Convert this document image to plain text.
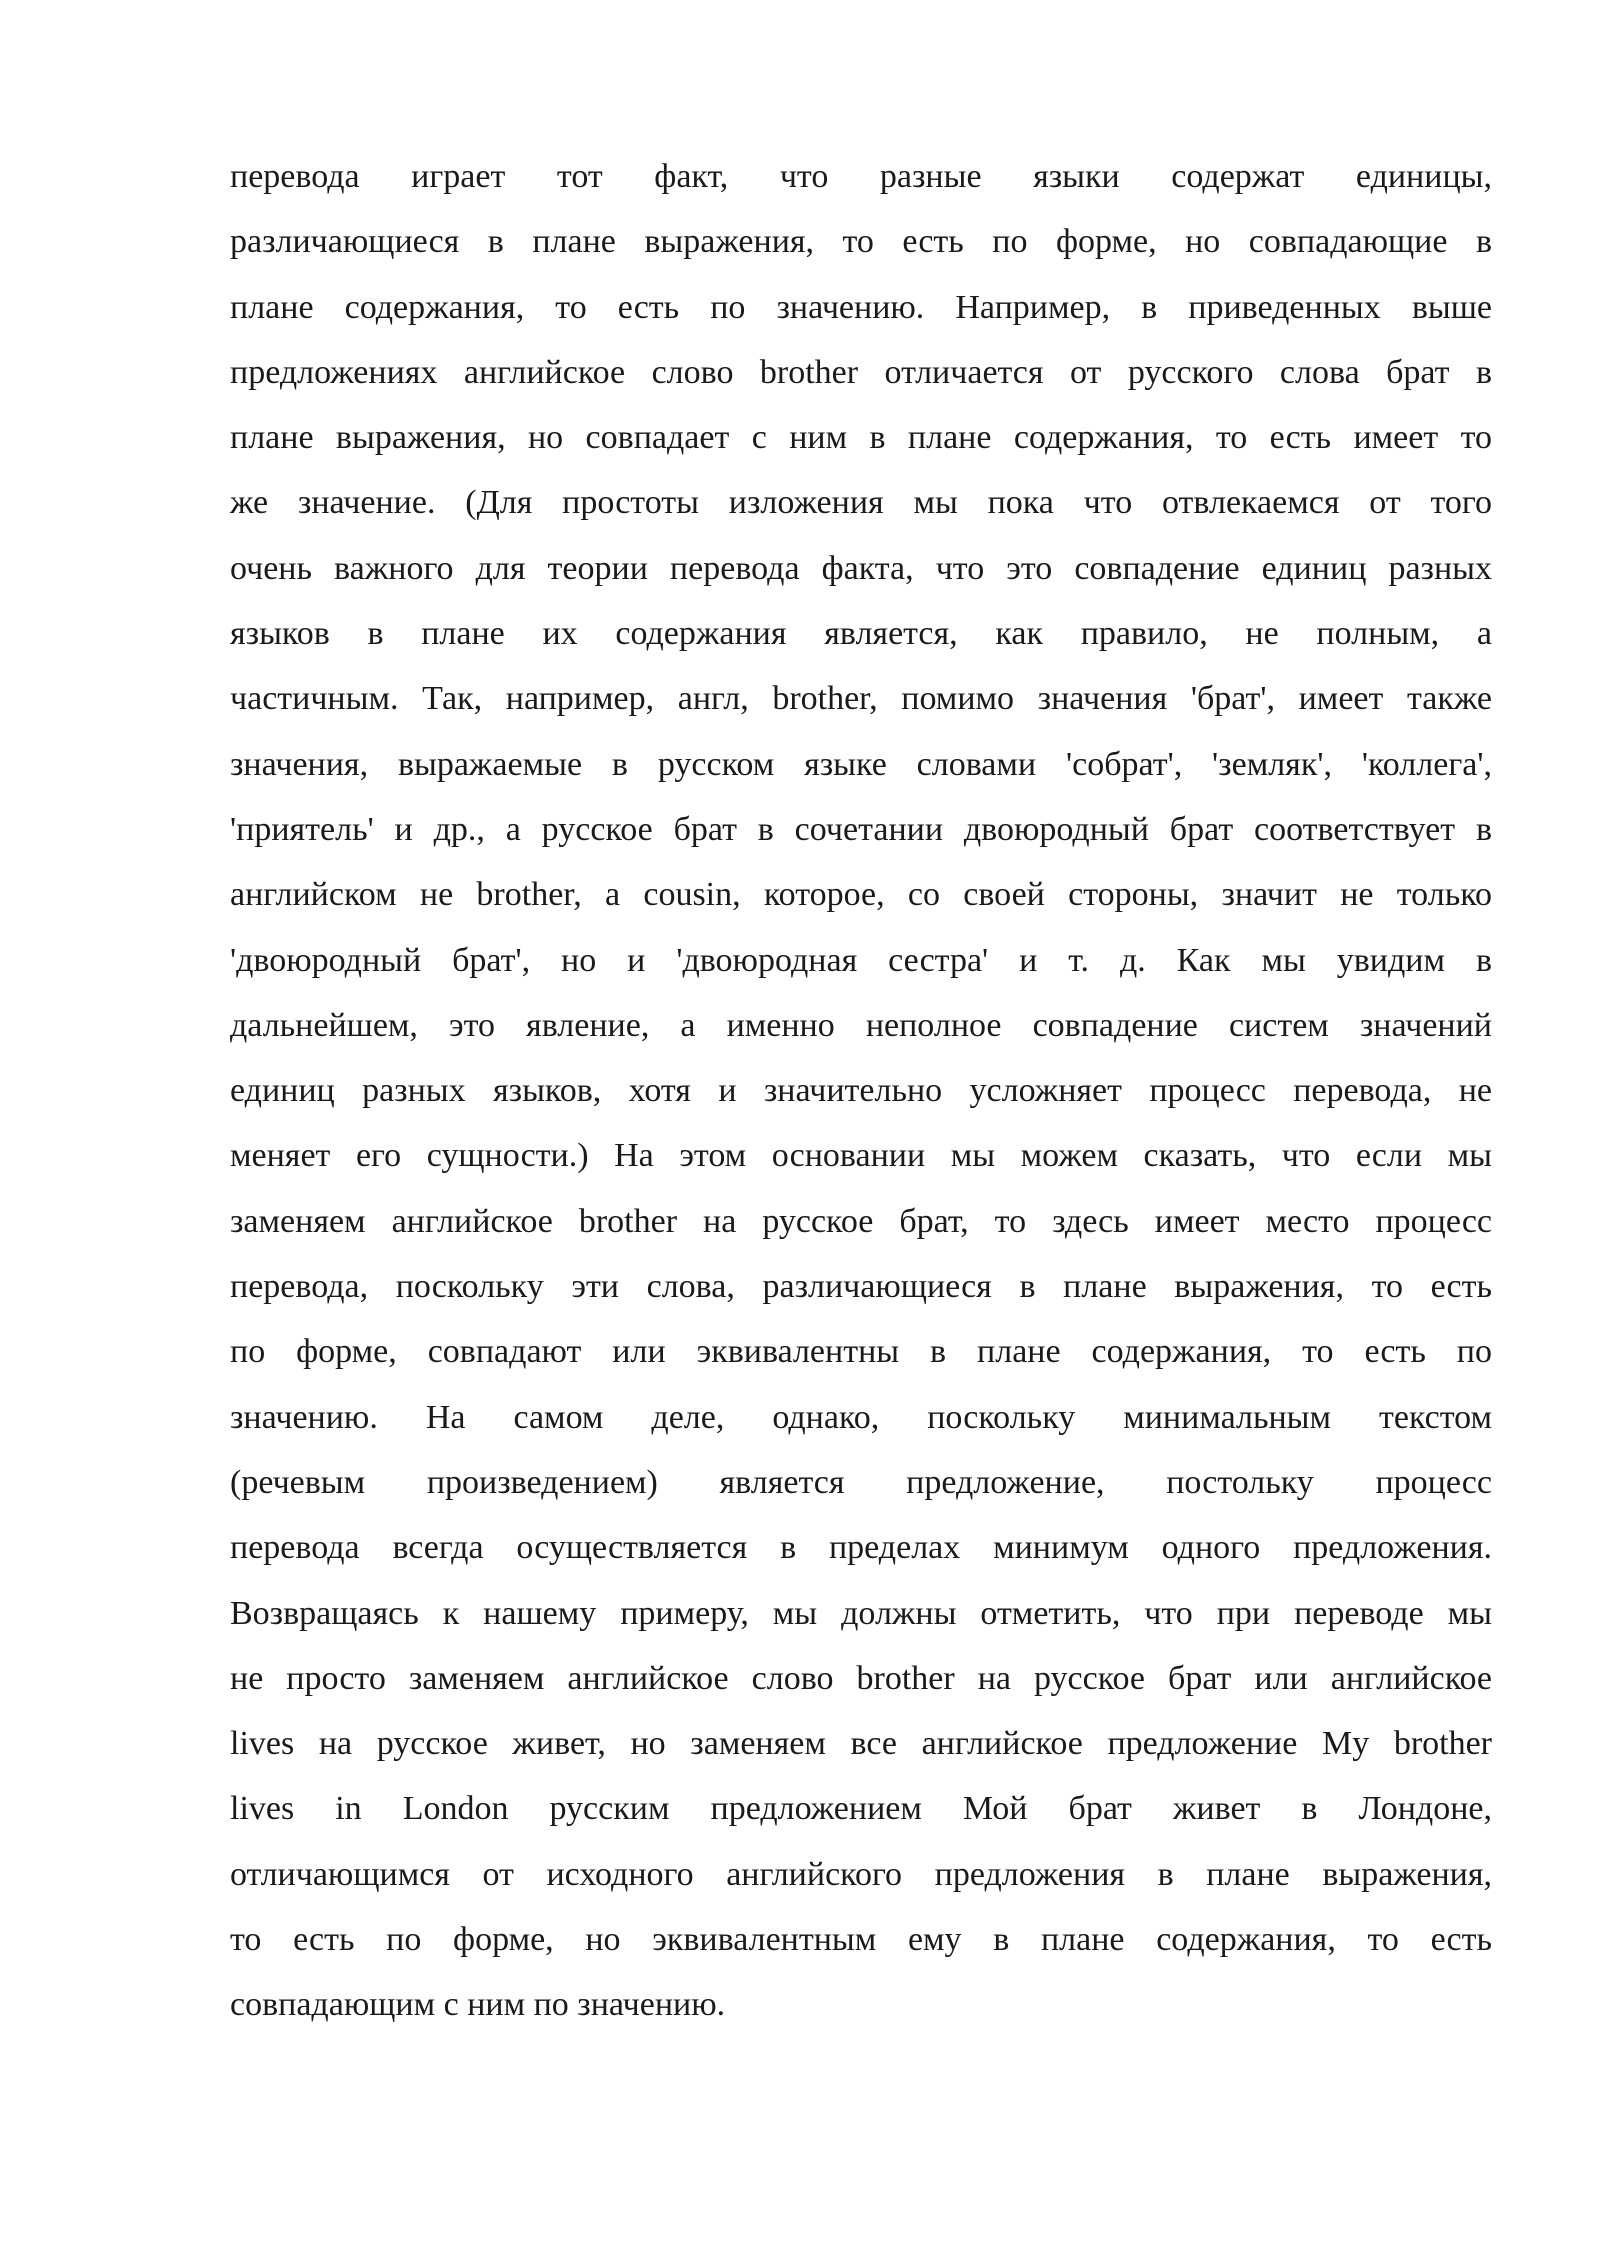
перевода играет тот факт, что разные языки содержат единицы,
различающиеся в плане выражения, то есть по форме, но совпадающие в
плане содержания, то есть по значению. Например, в приведенных выше
предложениях английское слово brother отличается от русского слова брат в
плане выражения, но совпадает с ним в плане содержания, то есть имеет то
же значение. (Для простоты изложения мы пока что отвлекаемся от того
очень важного для теории перевода факта, что это совпадение единиц разных
языков в плане их содержания является, как правило, не полным, а
частичным. Так, например, англ, brother, помимо значения 'брат', имеет также
значения, выражаемые в русском языке словами 'собрат', 'земляк', 'коллега',
'приятель' и др., а русское брат в сочетании двоюродный брат соответствует в
английском не brother, а cousin, которое, со своей стороны, значит не только
'двоюродный брат', но и 'двоюродная сестра' и т. д. Как мы увидим в
дальнейшем, это явление, а именно неполное совпадение систем значений
единиц разных языков, хотя и значительно усложняет процесс перевода, не
меняет его сущности.) На этом основании мы можем сказать, что если мы
заменяем английское brother на русское брат, то здесь имеет место процесс
перевода, поскольку эти слова, различающиеся в плане выражения, то есть
по форме, совпадают или эквивалентны в плане содержания, то есть по
значению. На самом деле, однако, поскольку минимальным текстом
(речевым произведением) является предложение, постольку процесс
перевода всегда осуществляется в пределах минимум одного предложения.
Возвращаясь к нашему примеру, мы должны отметить, что при переводе мы
не просто заменяем английское слово brother на русское брат или английское
lives на русское живет, но заменяем все английское предложение My brother
lives in London русским предложением Мой брат живет в Лондоне,
отличающимся от исходного английского предложения в плане выражения,
то есть по форме, но эквивалентным ему в плане содержания, то есть
совпадающим с ним по значению.
